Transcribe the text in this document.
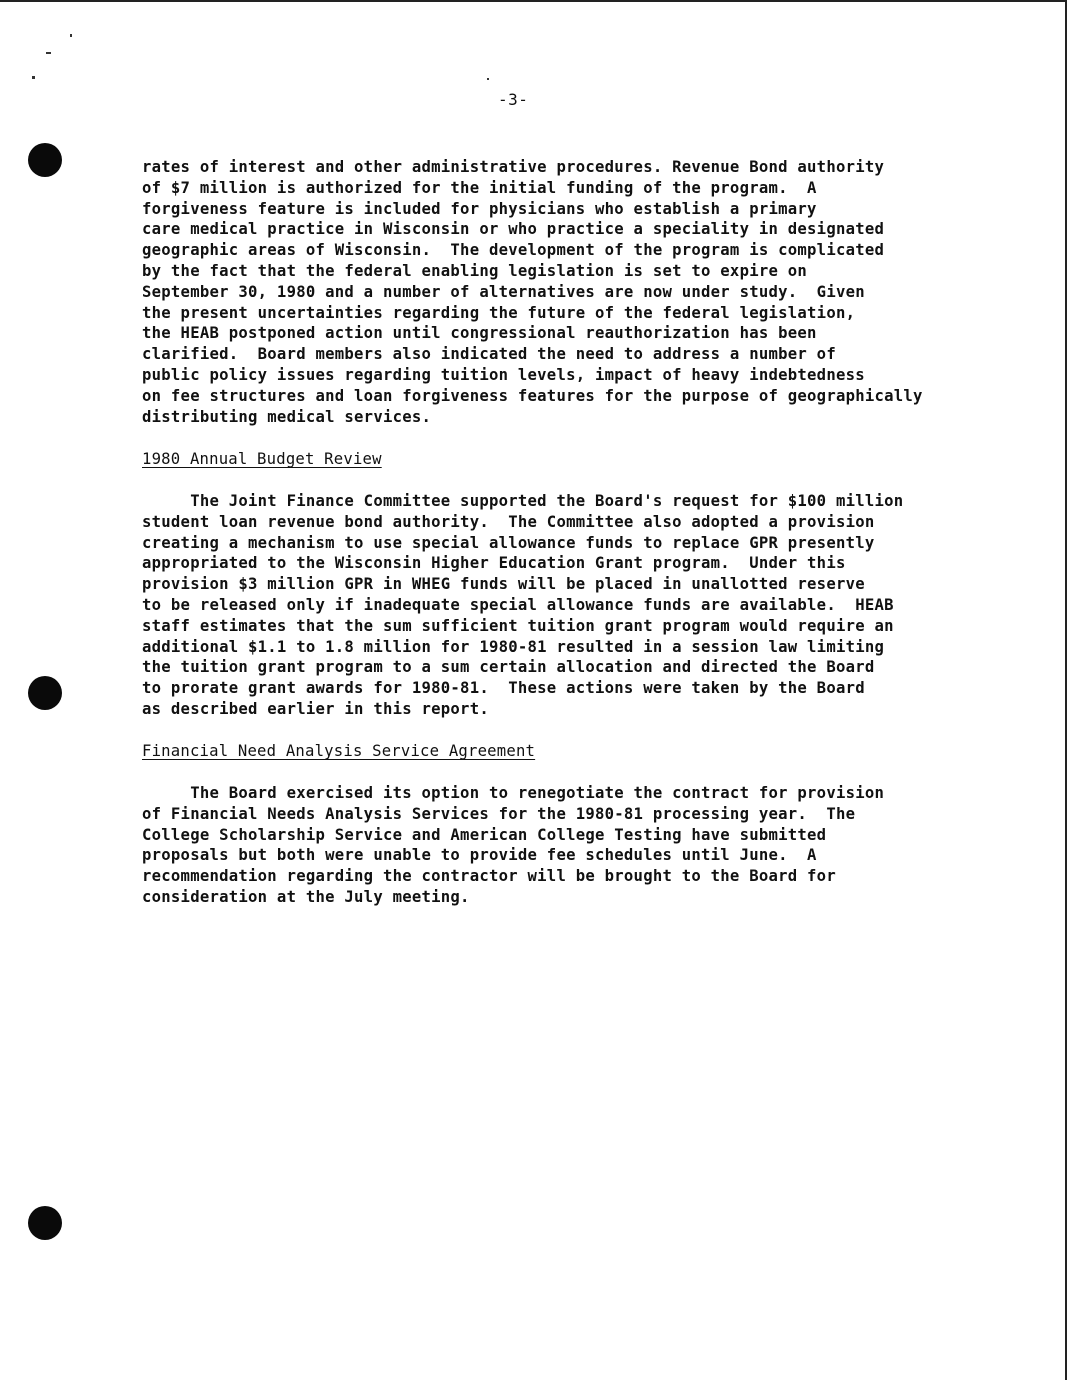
-3-
rates of interest and other administrative procedures. Revenue Bond authority
of $7 million is authorized for the initial funding of the program.  A
forgiveness feature is included for physicians who establish a primary
care medical practice in Wisconsin or who practice a speciality in designated
geographic areas of Wisconsin.  The development of the program is complicated
by the fact that the federal enabling legislation is set to expire on
September 30, 1980 and a number of alternatives are now under study.  Given
the present uncertainties regarding the future of the federal legislation,
the HEAB postponed action until congressional reauthorization has been
clarified.  Board members also indicated the need to address a number of
public policy issues regarding tuition levels, impact of heavy indebtedness
on fee structures and loan forgiveness features for the purpose of geographically
distributing medical services.
1980 Annual Budget Review
The Joint Finance Committee supported the Board's request for $100 million
student loan revenue bond authority.  The Committee also adopted a provision
creating a mechanism to use special allowance funds to replace GPR presently
appropriated to the Wisconsin Higher Education Grant program.  Under this
provision $3 million GPR in WHEG funds will be placed in unallotted reserve
to be released only if inadequate special allowance funds are available.  HEAB
staff estimates that the sum sufficient tuition grant program would require an
additional $1.1 to 1.8 million for 1980-81 resulted in a session law limiting
the tuition grant program to a sum certain allocation and directed the Board
to prorate grant awards for 1980-81.  These actions were taken by the Board
as described earlier in this report.
Financial Need Analysis Service Agreement
The Board exercised its option to renegotiate the contract for provision
of Financial Needs Analysis Services for the 1980-81 processing year.  The
College Scholarship Service and American College Testing have submitted
proposals but both were unable to provide fee schedules until June.  A
recommendation regarding the contractor will be brought to the Board for
consideration at the July meeting.
